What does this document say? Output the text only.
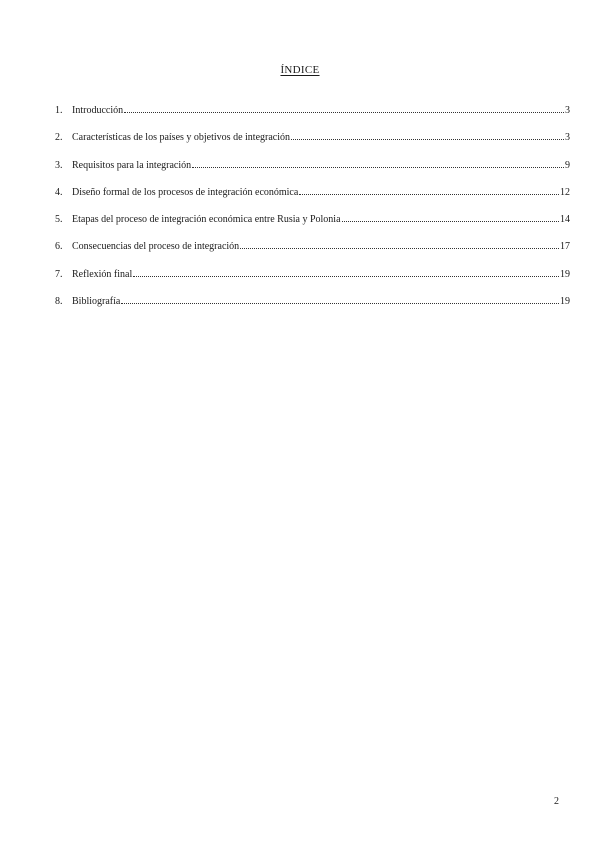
ÍNDICE
1. Introducción	3
2. Características de los países y objetivos de integración	3
3. Requisitos para la integración	9
4. Diseño formal de los procesos de integración económica	12
5. Etapas del proceso de integración económica entre Rusia y Polonia	14
6. Consecuencias del proceso de integración	17
7. Reflexión final	19
8. Bibliografía	19
2
